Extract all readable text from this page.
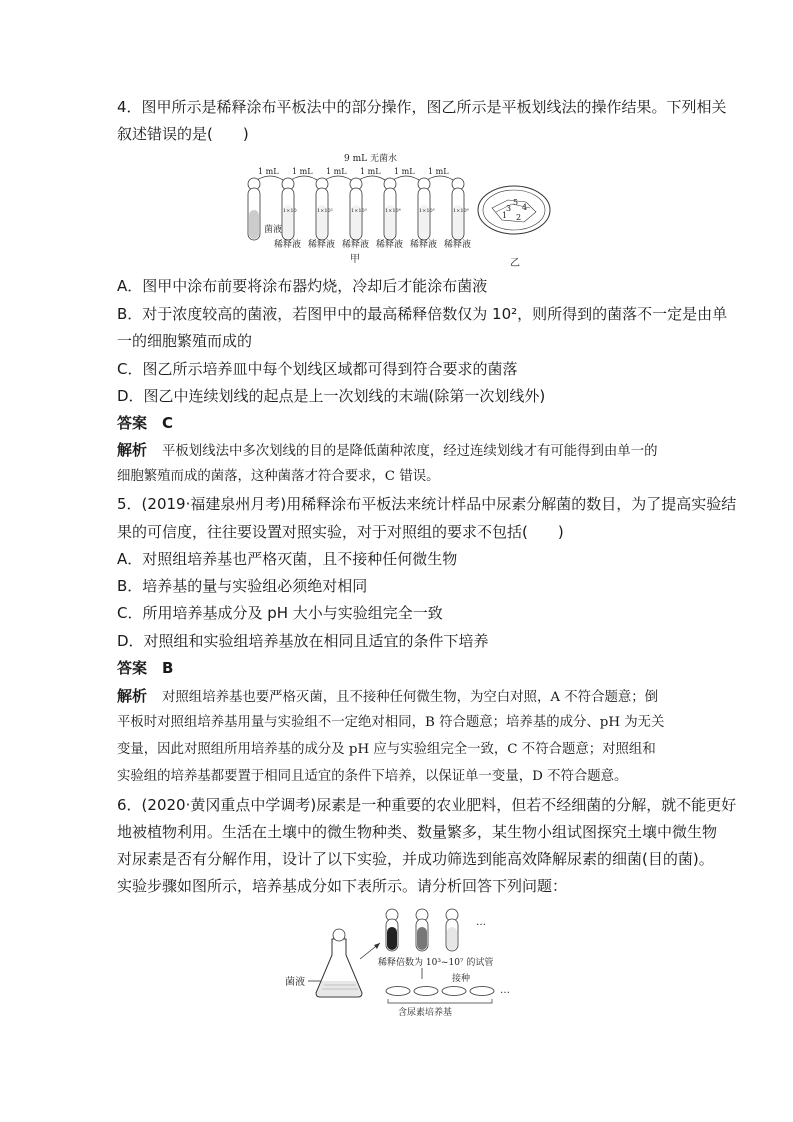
4．图甲所示是稀释涂布平板法中的部分操作，图乙所示是平板划线法的操作结果。下列相关
叙述错误的是(　　)
9 mL 无菌水
1 mL 1 mL 1 mL 1 mL 1 mL 1 mL
1×10	1×10²	1×10³	1×10⁴	1×10⁵	1×10⁶
菌液
稀释液 稀释液 稀释液 稀释液 稀释液 稀释液
甲
1 2
3 4
5
乙
A．图甲中涂布前要将涂布器灼烧，冷却后才能涂布菌液
B．对于浓度较高的菌液，若图甲中的最高稀释倍数仅为 10²，则所得到的菌落不一定是由单
一的细胞繁殖而成的
C．图乙所示培养皿中每个划线区域都可得到符合要求的菌落
D．图乙中连续划线的起点是上一次划线的末端(除第一次划线外)
答案　 C
解析　 平板划线法中多次划线的目的是降低菌种浓度，经过连续划线才有可能得到由单一的
细胞繁殖而成的菌落，这种菌落才符合要求，C 错误。
5．(2019·福建泉州月考)用稀释涂布平板法来统计样品中尿素分解菌的数目，为了提高实验结
果的可信度，往往要设置对照实验，对于对照组的要求不包括(　　)
A．对照组培养基也严格灭菌，且不接种任何微生物
B．培养基的量与实验组必须绝对相同
C．所用培养基成分及 pH 大小与实验组完全一致
D．对照组和实验组培养基放在相同且适宜的条件下培养
答案　 B
解析　 对照组培养基也要严格灭菌，且不接种任何微生物，为空白对照，A 不符合题意；倒
平板时对照组培养基用量与实验组不一定绝对相同，B 符合题意；培养基的成分、pH 为无关
变量，因此对照组所用培养基的成分及 pH 应与实验组完全一致，C 不符合题意；对照组和
实验组的培养基都要置于相同且适宜的条件下培养，以保证单一变量，D 不符合题意。
6．(2020·黄冈重点中学调考)尿素是一种重要的农业肥料，但若不经细菌的分解，就不能更好
地被植物利用。生活在土壤中的微生物种类、数量繁多，某生物小组试图探究土壤中微生物
对尿素是否有分解作用，设计了以下实验，并成功筛选到能高效降解尿素的细菌(目的菌)。
实验步骤如图所示，培养基成分如下表所示。请分析回答下列问题：
菌液
…
稀释倍数为 10³~10⁷ 的试管
接种
…
含尿素培养基
